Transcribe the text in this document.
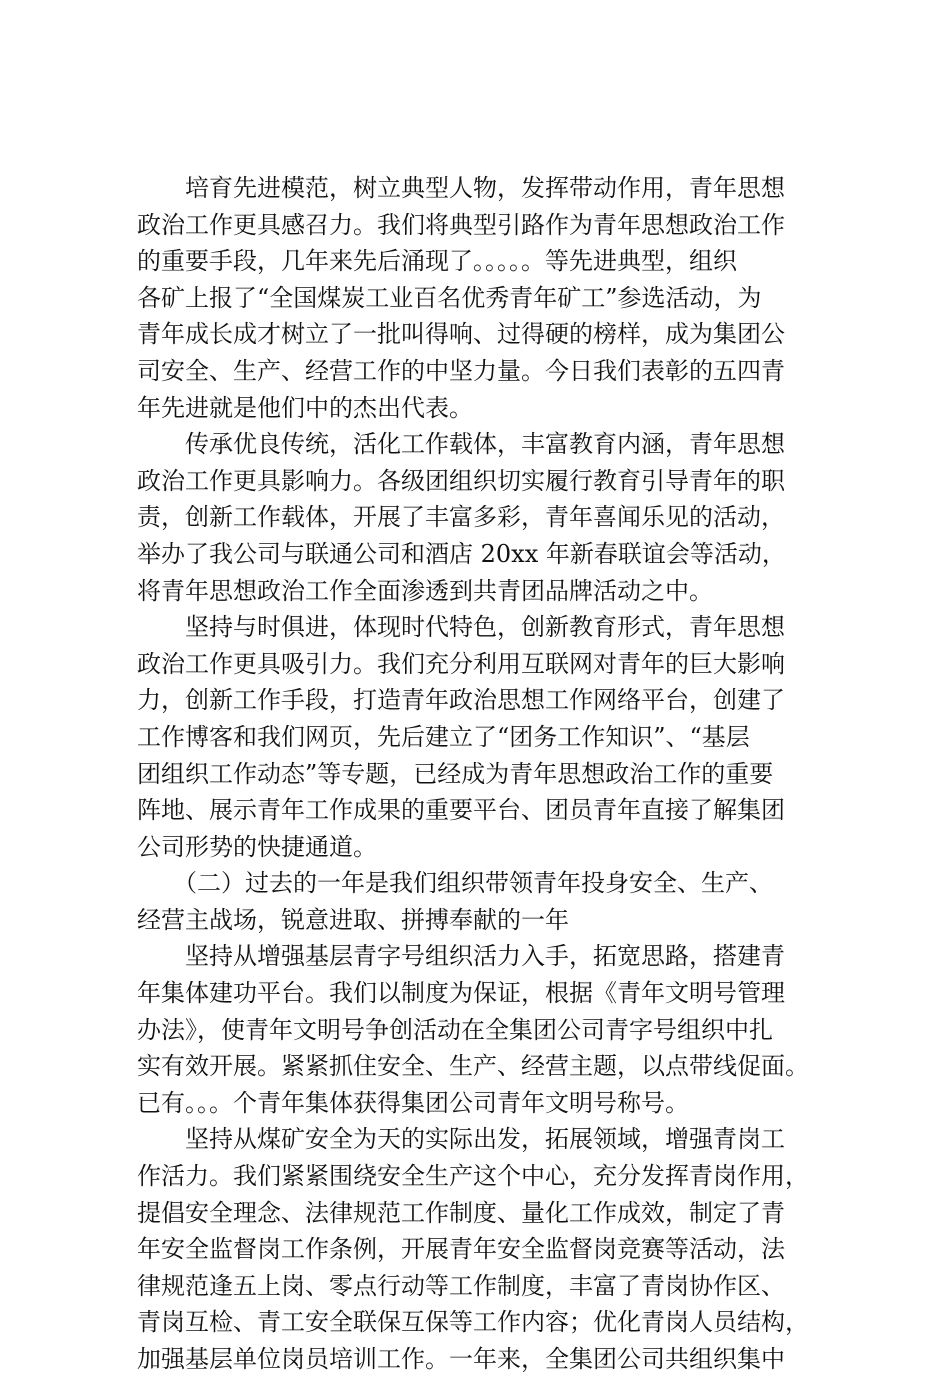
　　培育先进模范，树立典型人物，发挥带动作用，青年思想
政治工作更具感召力。我们将典型引路作为青年思想政治工作
的重要手段，几年来先后涌现了。。。。。等先进典型，组织
各矿上报了“全国煤炭工业百名优秀青年矿工”参选活动，为
青年成长成才树立了一批叫得响、过得硬的榜样，成为集团公
司安全、生产、经营工作的中坚力量。今日我们表彰的五四青
年先进就是他们中的杰出代表。
　　传承优良传统，活化工作载体，丰富教育内涵，青年思想
政治工作更具影响力。各级团组织切实履行教育引导青年的职
责，创新工作载体，开展了丰富多彩，青年喜闻乐见的活动，
举办了我公司与联通公司和酒店 20xx 年新春联谊会等活动，
将青年思想政治工作全面渗透到共青团品牌活动之中。
　　坚持与时俱进，体现时代特色，创新教育形式，青年思想
政治工作更具吸引力。我们充分利用互联网对青年的巨大影响
力，创新工作手段，打造青年政治思想工作网络平台，创建了
工作博客和我们网页，先后建立了“团务工作知识”、“基层
团组织工作动态”等专题，已经成为青年思想政治工作的重要
阵地、展示青年工作成果的重要平台、团员青年直接了解集团
公司形势的快捷通道。
　　（二）过去的一年是我们组织带领青年投身安全、生产、
经营主战场，锐意进取、拼搏奉献的一年
　　坚持从增强基层青字号组织活力入手，拓宽思路，搭建青
年集体建功平台。我们以制度为保证，根据《青年文明号管理
办法》，使青年文明号争创活动在全集团公司青字号组织中扎
实有效开展。紧紧抓住安全、生产、经营主题，以点带线促面。
已有。。。个青年集体获得集团公司青年文明号称号。
　　坚持从煤矿安全为天的实际出发，拓展领域，增强青岗工
作活力。我们紧紧围绕安全生产这个中心，充分发挥青岗作用，
提倡安全理念、法律规范工作制度、量化工作成效，制定了青
年安全监督岗工作条例，开展青年安全监督岗竞赛等活动，法
律规范逢五上岗、零点行动等工作制度，丰富了青岗协作区、
青岗互检、青工安全联保互保等工作内容；优化青岗人员结构，
加强基层单位岗员培训工作。一年来，全集团公司共组织集中
